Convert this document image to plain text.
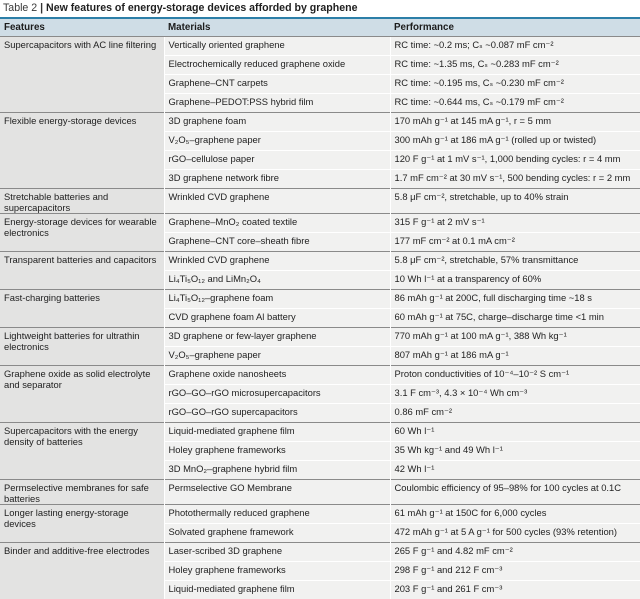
Table 2 | New features of energy-storage devices afforded by graphene
Features	Materials	Performance
Supercapacitors with AC line filtering	Vertically oriented graphene	RC time: ~0.2 ms; Cₛ ~0.087 mF cm⁻²
	Electrochemically reduced graphene oxide	RC time: ~1.35 ms, Cₛ ~0.283 mF cm⁻²
	Graphene–CNT carpets	RC time: ~0.195 ms, Cₛ ~0.230 mF cm⁻²
	Graphene–PEDOT:PSS hybrid film	RC time: ~0.644 ms, Cₛ ~0.179 mF cm⁻²
Flexible energy-storage devices	3D graphene foam	170 mAh g⁻¹ at 145 mA g⁻¹, r = 5 mm
	V₂O₅–graphene paper	300 mAh g⁻¹ at 186 mA g⁻¹ (rolled up or twisted)
	rGO–cellulose paper	120 F g⁻¹ at 1 mV s⁻¹, 1,000 bending cycles: r = 4 mm
	3D graphene network fibre	1.7 mF cm⁻² at 30 mV s⁻¹, 500 bending cycles: r = 2 mm
Stretchable batteries and supercapacitors	Wrinkled CVD graphene	5.8 μF cm⁻², stretchable, up to 40% strain
Energy-storage devices for wearable electronics	Graphene–MnO₂ coated textile	315 F g⁻¹ at 2 mV s⁻¹
	Graphene–CNT core–sheath fibre	177 mF cm⁻² at 0.1 mA cm⁻²
Transparent batteries and capacitors	Wrinkled CVD graphene	5.8 μF cm⁻², stretchable, 57% transmittance
	Li₄Ti₅O₁₂ and LiMn₂O₄	10 Wh l⁻¹ at a transparency of 60%
Fast-charging batteries	Li₄Ti₅O₁₂–graphene foam	86 mAh g⁻¹ at 200C, full discharging time ~18 s
	CVD graphene foam Al battery	60 mAh g⁻¹ at 75C, charge–discharge time <1 min
Lightweight batteries for ultrathin electronics	3D graphene or few-layer graphene	770 mAh g⁻¹ at 100 mA g⁻¹, 388 Wh kg⁻¹
	V₂O₅–graphene paper	807 mAh g⁻¹ at 186 mA g⁻¹
Graphene oxide as solid electrolyte and separator	Graphene oxide nanosheets	Proton conductivities of 10⁻⁴–10⁻² S cm⁻¹
	rGO–GO–rGO microsupercapacitors	3.1 F cm⁻³, 4.3 × 10⁻⁴ Wh cm⁻³
	rGO–GO–rGO supercapacitors	0.86 mF cm⁻²
Supercapacitors with the energy density of batteries	Liquid-mediated graphene film	60 Wh l⁻¹
	Holey graphene frameworks	35 Wh kg⁻¹ and 49 Wh l⁻¹
	3D MnO₂–graphene hybrid film	42 Wh l⁻¹
Permselective membranes for safe batteries	Permselective GO Membrane	Coulombic efficiency of 95–98% for 100 cycles at 0.1C
Longer lasting energy-storage devices	Photothermally reduced graphene	61 mAh g⁻¹ at 150C for 6,000 cycles
	Solvated graphene framework	472 mAh g⁻¹ at 5 A g⁻¹ for 500 cycles (93% retention)
Binder and additive-free electrodes	Laser-scribed 3D graphene	265 F g⁻¹ and 4.82 mF cm⁻²
	Holey graphene frameworks	298 F g⁻¹ and 212 F cm⁻³
	Liquid-mediated graphene film	203 F g⁻¹ and 261 F cm⁻³
